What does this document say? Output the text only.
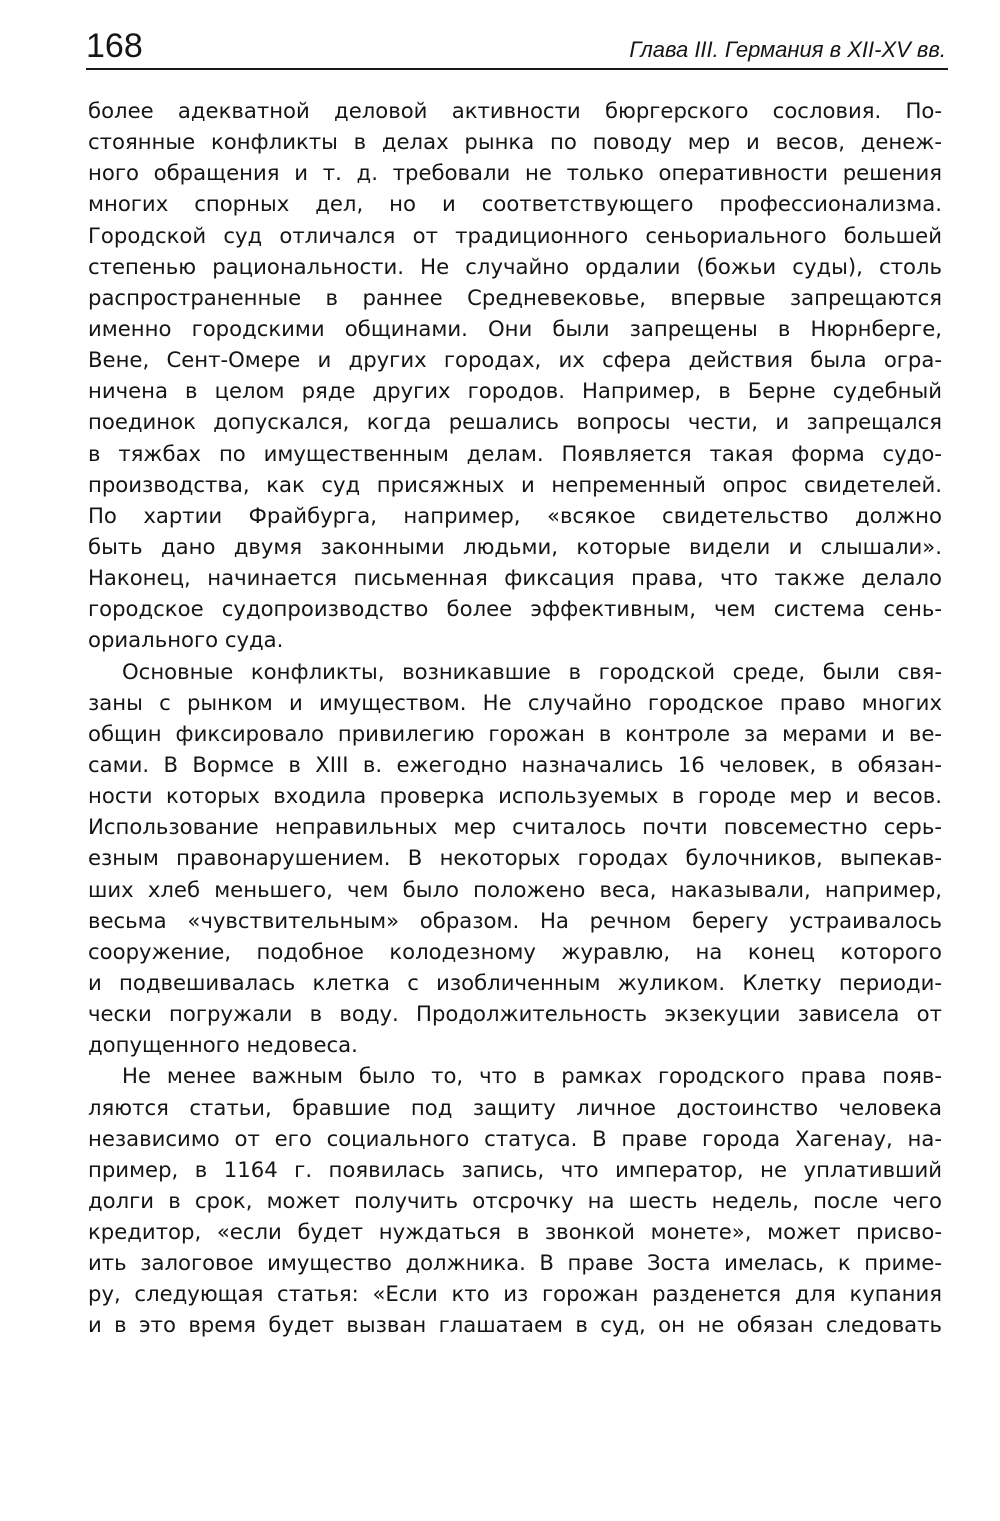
168	Глава III. Германия в XII-XV вв.
более адекватной деловой активности бюргерского сословия. По-
стоянные конфликты в делах рынка по поводу мер и весов, денеж-
ного обращения и т. д. требовали не только оперативности решения
многих спорных дел, но и соответствующего профессионализма.
Городской суд отличался от традиционного сеньориального большей
степенью рациональности. Не случайно ордалии (божьи суды), столь
распространенные в раннее Средневековье, впервые запрещаются
именно городскими общинами. Они были запрещены в Нюрнберге,
Вене, Сент-Омере и других городах, их сфера действия была огра-
ничена в целом ряде других городов. Например, в Берне судебный
поединок допускался, когда решались вопросы чести, и запрещался
в тяжбах по имущественным делам. Появляется такая форма судо-
производства, как суд присяжных и непременный опрос свидетелей.
По хартии Фрайбурга, например, «всякое свидетельство должно
быть дано двумя законными людьми, которые видели и слышали».
Наконец, начинается письменная фиксация права, что также делало
городское судопроизводство более эффективным, чем система сень-
ориального суда.
Основные конфликты, возникавшие в городской среде, были свя-
заны с рынком и имуществом. Не случайно городское право многих
общин фиксировало привилегию горожан в контроле за мерами и ве-
сами. В Вормсе в XIII в. ежегодно назначались 16 человек, в обязан-
ности которых входила проверка используемых в городе мер и весов.
Использование неправильных мер считалось почти повсеместно серь-
езным правонарушением. В некоторых городах булочников, выпекав-
ших хлеб меньшего, чем было положено веса, наказывали, например,
весьма «чувствительным» образом. На речном берегу устраивалось
сооружение, подобное колодезному журавлю, на конец которого
и подвешивалась клетка с изобличенным жуликом. Клетку периоди-
чески погружали в воду. Продолжительность экзекуции зависела от
допущенного недовеса.
Не менее важным было то, что в рамках городского права появ-
ляются статьи, бравшие под защиту личное достоинство человека
независимо от его социального статуса. В праве города Хагенау, на-
пример, в 1164 г. появилась запись, что император, не уплативший
долги в срок, может получить отсрочку на шесть недель, после чего
кредитор, «если будет нуждаться в звонкой монете», может присво-
ить залоговое имущество должника. В праве Зоста имелась, к приме-
ру, следующая статья: «Если кто из горожан разденется для купания
и в это время будет вызван глашатаем в суд, он не обязан следовать
